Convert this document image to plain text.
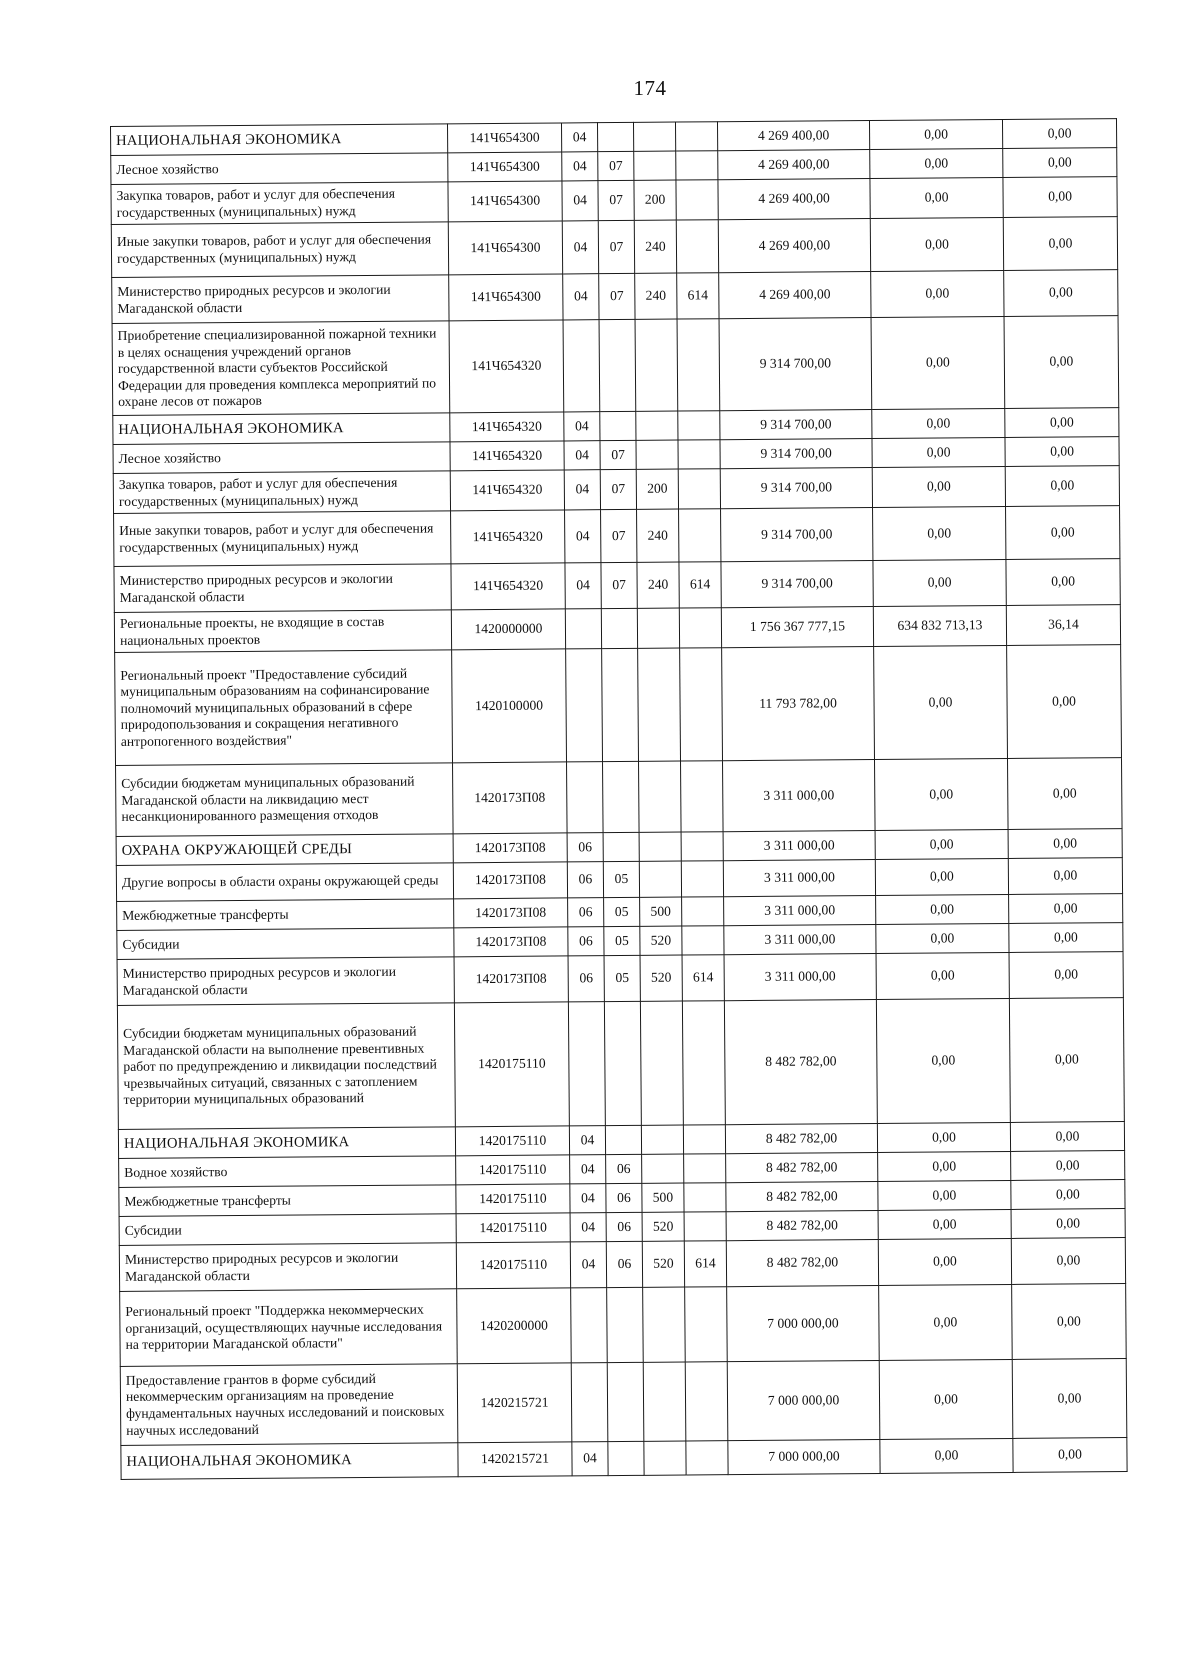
174
НАЦИОНАЛЬНАЯ ЭКОНОМИКА	141Ч654300	04				4 269 400,00	0,00	0,00
Лесное хозяйство	141Ч654300	04	07			4 269 400,00	0,00	0,00
Закупка товаров, работ и услуг для обеспечения государственных (муниципальных) нужд	141Ч654300	04	07	200		4 269 400,00	0,00	0,00
Иные закупки товаров, работ и услуг для обеспечения государственных (муниципальных) нужд	141Ч654300	04	07	240		4 269 400,00	0,00	0,00
Министерство природных ресурсов и экологии Магаданской области	141Ч654300	04	07	240	614	4 269 400,00	0,00	0,00
Приобретение специализированной пожарной техники в целях оснащения учреждений органов государственной власти субъектов Российской Федерации для проведения комплекса мероприятий по охране лесов от пожаров	141Ч654320					9 314 700,00	0,00	0,00
НАЦИОНАЛЬНАЯ ЭКОНОМИКА	141Ч654320	04				9 314 700,00	0,00	0,00
Лесное хозяйство	141Ч654320	04	07			9 314 700,00	0,00	0,00
Закупка товаров, работ и услуг для обеспечения государственных (муниципальных) нужд	141Ч654320	04	07	200		9 314 700,00	0,00	0,00
Иные закупки товаров, работ и услуг для обеспечения государственных (муниципальных) нужд	141Ч654320	04	07	240		9 314 700,00	0,00	0,00
Министерство природных ресурсов и экологии Магаданской области	141Ч654320	04	07	240	614	9 314 700,00	0,00	0,00
Региональные проекты, не входящие в состав национальных проектов	1420000000					1 756 367 777,15	634 832 713,13	36,14
Региональный проект "Предоставление субсидий муниципальным образованиям на софинансирование полномочий муниципальных образований в сфере природопользования и сокращения негативного антропогенного воздействия"	1420100000					11 793 782,00	0,00	0,00
Субсидии бюджетам муниципальных образований Магаданской области на ликвидацию мест несанкционированного размещения отходов	1420173П08					3 311 000,00	0,00	0,00
ОХРАНА ОКРУЖАЮЩЕЙ СРЕДЫ	1420173П08	06				3 311 000,00	0,00	0,00
Другие вопросы в области охраны окружающей среды	1420173П08	06	05			3 311 000,00	0,00	0,00
Межбюджетные трансферты	1420173П08	06	05	500		3 311 000,00	0,00	0,00
Субсидии	1420173П08	06	05	520		3 311 000,00	0,00	0,00
Министерство природных ресурсов и экологии Магаданской области	1420173П08	06	05	520	614	3 311 000,00	0,00	0,00
Субсидии бюджетам муниципальных образований Магаданской области на выполнение превентивных работ по предупреждению и ликвидации последствий чрезвычайных ситуаций, связанных с затоплением территории муниципальных образований	1420175110					8 482 782,00	0,00	0,00
НАЦИОНАЛЬНАЯ ЭКОНОМИКА	1420175110	04				8 482 782,00	0,00	0,00
Водное хозяйство	1420175110	04	06			8 482 782,00	0,00	0,00
Межбюджетные трансферты	1420175110	04	06	500		8 482 782,00	0,00	0,00
Субсидии	1420175110	04	06	520		8 482 782,00	0,00	0,00
Министерство природных ресурсов и экологии Магаданской области	1420175110	04	06	520	614	8 482 782,00	0,00	0,00
Региональный проект "Поддержка некоммерческих организаций, осуществляющих научные исследования на территории Магаданской области"	1420200000					7 000 000,00	0,00	0,00
Предоставление грантов в форме субсидий некоммерческим организациям на проведение фундаментальных научных исследований и поисковых научных исследований	1420215721					7 000 000,00	0,00	0,00
НАЦИОНАЛЬНАЯ ЭКОНОМИКА	1420215721	04				7 000 000,00	0,00	0,00
